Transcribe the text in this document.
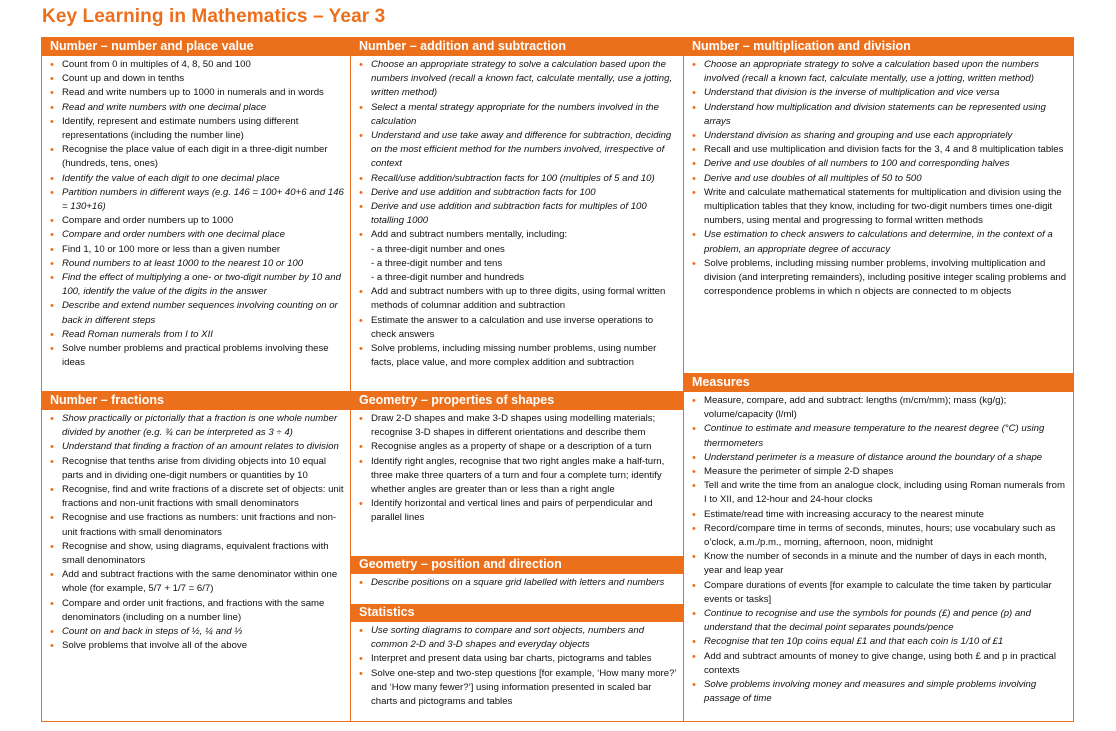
Key Learning in Mathematics – Year 3
Number – number and place value
• Count from 0 in multiples of 4, 8, 50 and 100
• Count up and down in tenths
• Read and write numbers up to 1000 in numerals and in words
• Read and write numbers with one decimal place
• Identify, represent and estimate numbers using different representations (including the number line)
• Recognise the place value of each digit in a three-digit number (hundreds, tens, ones)
• Identify the value of each digit to one decimal place
• Partition numbers in different ways (e.g. 146 = 100+ 40+6 and 146 = 130+16)
• Compare and order numbers up to 1000
• Compare and order numbers with one decimal place
• Find 1, 10 or 100 more or less than a given number
• Round numbers to at least 1000 to the nearest 10 or 100
• Find the effect of multiplying a one- or two-digit number by 10 and 100, identify the value of the digits in the answer
• Describe and extend number sequences involving counting on or back in different steps
• Read Roman numerals from I to XII
• Solve number problems and practical problems involving these ideas
Number – addition and subtraction
• Choose an appropriate strategy to solve a calculation based upon the numbers involved (recall a known fact, calculate mentally, use a jotting, written method)
• Select a mental strategy appropriate for the numbers involved in the calculation
• Understand and use take away and difference for subtraction, deciding on the most efficient method for the numbers involved, irrespective of context
• Recall/use addition/subtraction facts for 100 (multiples of 5 and 10)
• Derive and use addition and subtraction facts for 100
• Derive and use addition and subtraction facts for multiples of 100 totalling 1000
• Add and subtract numbers mentally, including:
- a three-digit number and ones
- a three-digit number and tens
- a three-digit number and hundreds
• Add and subtract numbers with up to three digits, using formal written methods of columnar addition and subtraction
• Estimate the answer to a calculation and use inverse operations to check answers
• Solve problems, including missing number problems, using number facts, place value, and more complex addition and subtraction
Number – multiplication and division
• Choose an appropriate strategy to solve a calculation based upon the numbers involved (recall a known fact, calculate mentally, use a jotting, written method)
• Understand that division is the inverse of multiplication and vice versa
• Understand how multiplication and division statements can be represented using arrays
• Understand division as sharing and grouping and use each appropriately
• Recall and use multiplication and division facts for the 3, 4 and 8 multiplication tables
• Derive and use doubles of all numbers to 100 and corresponding halves
• Derive and use doubles of all multiples of 50 to 500
• Write and calculate mathematical statements for multiplication and division using the multiplication tables that they know, including for two-digit numbers times one-digit numbers, using mental and progressing to formal written methods
• Use estimation to check answers to calculations and determine, in the context of a problem, an appropriate degree of accuracy
• Solve problems, including missing number problems, involving multiplication and division (and interpreting remainders), including positive integer scaling problems and correspondence problems in which n objects are connected to m objects
Number – fractions
• Show practically or pictorially that a fraction is one whole number divided by another (e.g. ¾ can be interpreted as 3 ÷ 4)
• Understand that finding a fraction of an amount relates to division
• Recognise that tenths arise from dividing objects into 10 equal parts and in dividing one-digit numbers or quantities by 10
• Recognise, find and write fractions of a discrete set of objects: unit fractions and non-unit fractions with small denominators
• Recognise and use fractions as numbers: unit fractions and non-unit fractions with small denominators
• Recognise and show, using diagrams, equivalent fractions with small denominators
• Add and subtract fractions with the same denominator within one whole (for example, 5/7 + 1/7 = 6/7)
• Compare and order unit fractions, and fractions with the same denominators (including on a number line)
• Count on and back in steps of ½, ¼ and ⅓
• Solve problems that involve all of the above
Geometry – properties of shapes
• Draw 2-D shapes and make 3-D shapes using modelling materials; recognise 3-D shapes in different orientations and describe them
• Recognise angles as a property of shape or a description of a turn
• Identify right angles, recognise that two right angles make a half-turn, three make three quarters of a turn and four a complete turn; identify whether angles are greater than or less than a right angle
• Identify horizontal and vertical lines and pairs of perpendicular and parallel lines
Geometry – position and direction
• Describe positions on a square grid labelled with letters and numbers
Statistics
• Use sorting diagrams to compare and sort objects, numbers and common 2-D and 3-D shapes and everyday objects
• Interpret and present data using bar charts, pictograms and tables
• Solve one-step and two-step questions [for example, ‘How many more?’ and ‘How many fewer?’] using information presented in scaled bar charts and pictograms and tables
Measures
• Measure, compare, add and subtract: lengths (m/cm/mm); mass (kg/g); volume/capacity (l/ml)
• Continue to estimate and measure temperature to the nearest degree (°C) using thermometers
• Understand perimeter is a measure of distance around the boundary of a shape
• Measure the perimeter of simple 2-D shapes
• Tell and write the time from an analogue clock, including using Roman numerals from I to XII, and 12-hour and 24-hour clocks
• Estimate/read time with increasing accuracy to the nearest minute
• Record/compare time in terms of seconds, minutes, hours; use vocabulary such as o’clock, a.m./p.m., morning, afternoon, noon, midnight
• Know the number of seconds in a minute and the number of days in each month, year and leap year
• Compare durations of events [for example to calculate the time taken by particular events or tasks]
• Continue to recognise and use the symbols for pounds (£) and pence (p) and understand that the decimal point separates pounds/pence
• Recognise that ten 10p coins equal £1 and that each coin is 1/10 of £1
• Add and subtract amounts of money to give change, using both £ and p in practical contexts
• Solve problems involving money and measures and simple problems involving passage of time
